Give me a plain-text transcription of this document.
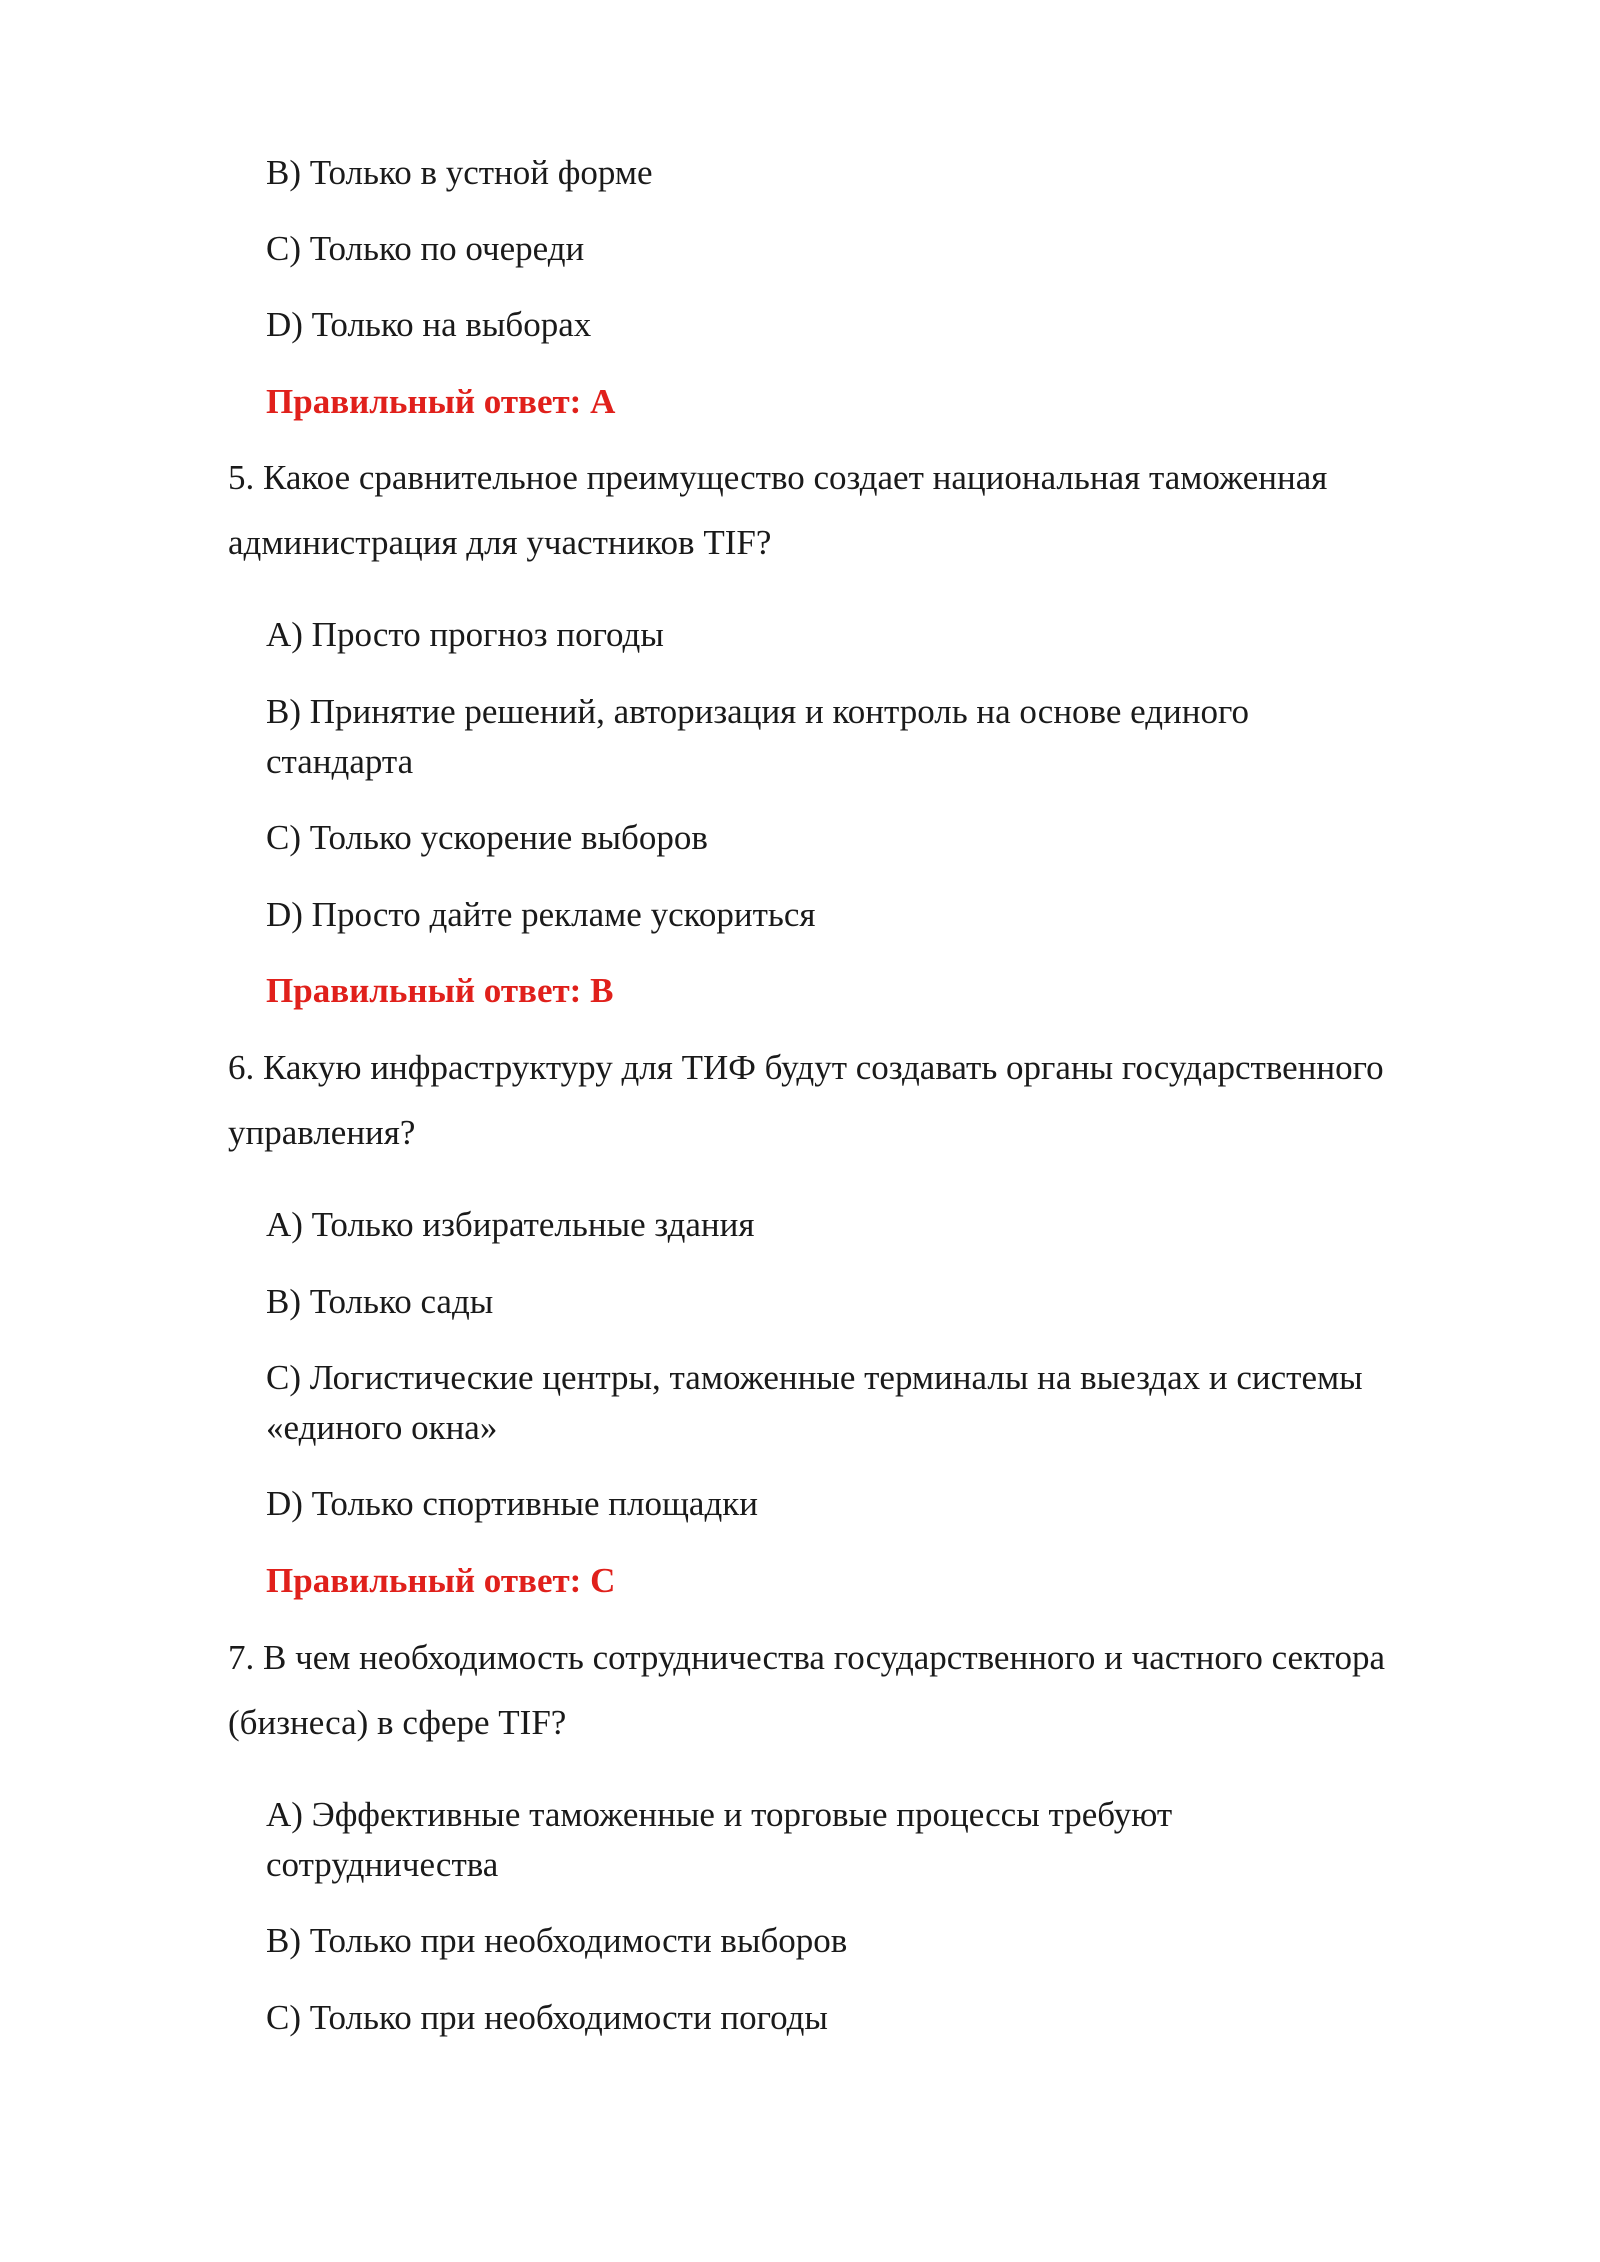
B) Только в устной форме

C) Только по очереди

D) Только на выборах

Правильный ответ: A

5. Какое сравнительное преимущество создает национальная таможенная

администрация для участников TIF?

A) Просто прогноз погоды

B) Принятие решений, авторизация и контроль на основе единого

стандарта

C) Только ускорение выборов

D) Просто дайте рекламе ускориться

Правильный ответ: B

6. Какую инфраструктуру для ТИФ будут создавать органы государственного

управления?

A) Только избирательные здания

B) Только сады

C) Логистические центры, таможенные терминалы на выездах и системы

«единого окна»

D) Только спортивные площадки

Правильный ответ: C

7. В чем необходимость сотрудничества государственного и частного сектора

(бизнеса) в сфере TIF?

A) Эффективные таможенные и торговые процессы требуют

сотрудничества

B) Только при необходимости выборов

C) Только при необходимости погоды
